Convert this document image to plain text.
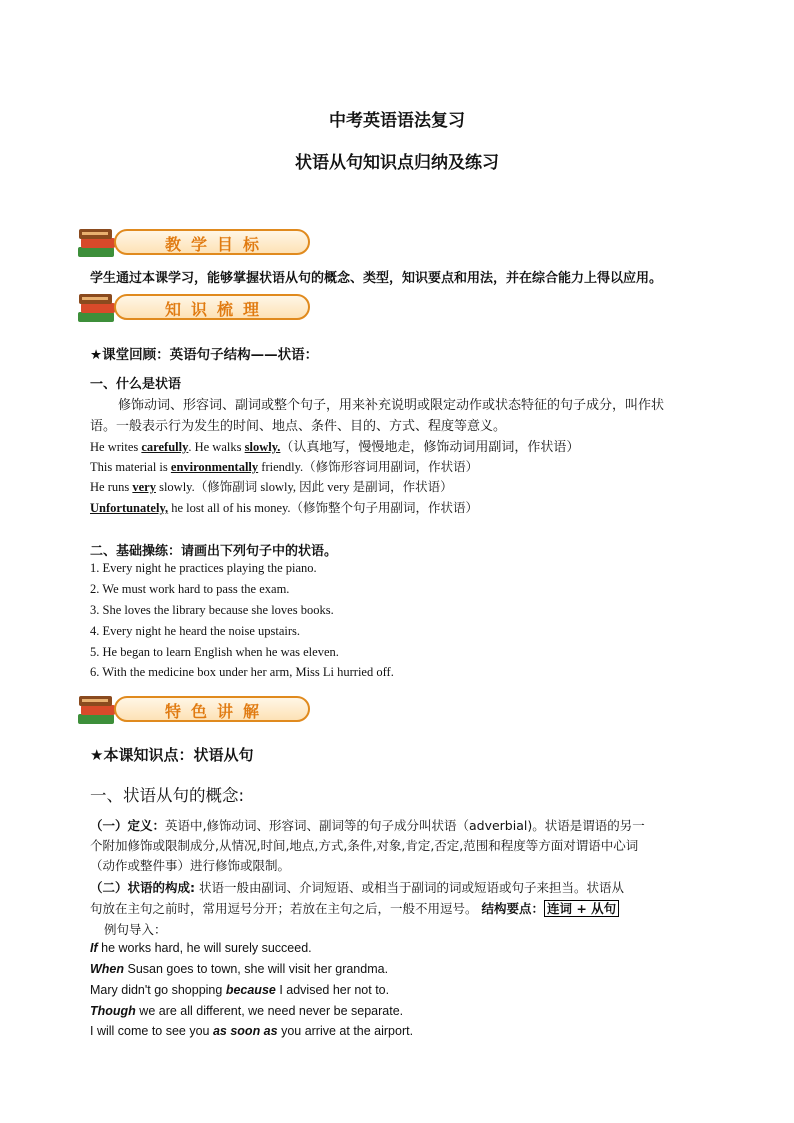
中考英语语法复习
状语从句知识点归纳及练习
教学目标
学生通过本课学习，能够掌握状语从句的概念、类型，知识要点和用法，并在综合能力上得以应用。
知识梳理
★课堂回顾：英语句子结构——状语：
一、什么是状语
修饰动词、形容词、副词或整个句子，用来补充说明或限定动作或状态特征的句子成分，叫作状
语。一般表示行为发生的时间、地点、条件、目的、方式、程度等意义。
He writes carefully. He walks slowly.（认真地写，慢慢地走，修饰动词用副词，作状语）
This material is environmentally friendly.（修饰形容词用副词，作状语）
He runs very slowly.（修饰副词 slowly, 因此 very 是副词，作状语）
Unfortunately, he lost all of his money.（修饰整个句子用副词，作状语）
二、基础操练：请画出下列句子中的状语。
1. Every night he practices playing the piano.
2. We must work hard to pass the exam.
3. She loves the library because she loves books.
4. Every night he heard the noise upstairs.
5. He began to learn English when he was eleven.
6. With the medicine box under her arm, Miss Li hurried off.
特色讲解
★本课知识点：状语从句
一、状语从句的概念:
（一）定义：英语中,修饰动词、形容词、副词等的句子成分叫状语（adverbial)。状语是谓语的另一
个附加修饰或限制成分,从情况,时间,地点,方式,条件,对象,肯定,否定,范围和程度等方面对谓语中心词
（动作或整件事）进行修饰或限制。
（二）状语的构成: 状语一般由副词、介词短语、或相当于副词的词或短语或句子来担当。状语从
句放在主句之前时，常用逗号分开；若放在主句之后，一般不用逗号。 结构要点： 连词 + 从句
例句导入：
If he works hard, he will surely succeed.
When Susan goes to town, she will visit her grandma.
Mary didn't go shopping because I advised her not to.
Though we are all different, we need never be separate.
I will come to see you as soon as you arrive at the airport.
